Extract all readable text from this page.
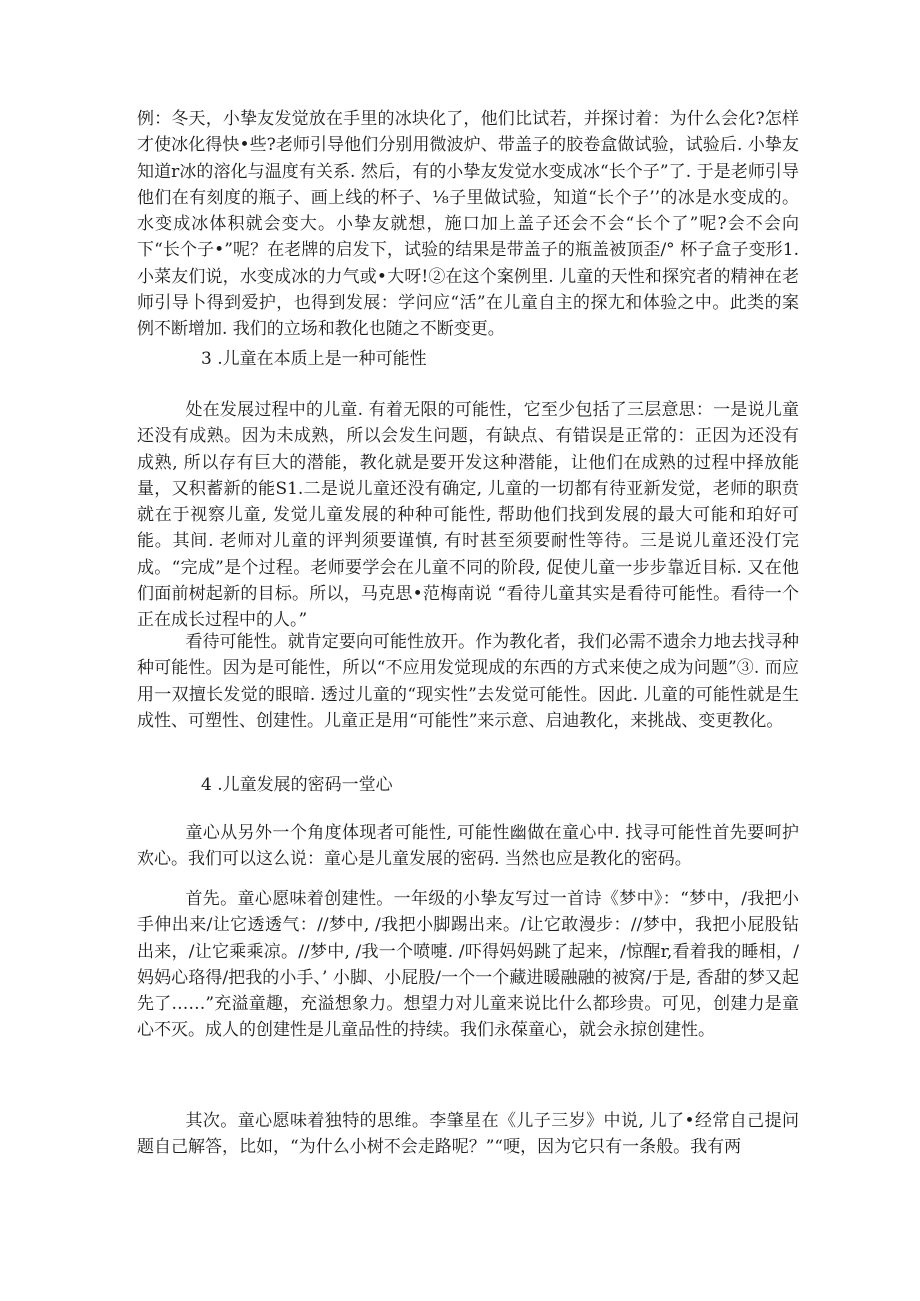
例：冬天，小挚友发觉放在手里的冰块化了，他们比试若，并探讨着：为什么会化?怎样才使冰化得快•些?老师引导他们分别用微波炉、带盖子的胶卷盒做试验，试验后. 小挚友知道r冰的溶化与温度有关系. 然后，有的小挚友发觉水变成冰“长个子”了. 于是老师引导他们在有刻度的瓶子、画上线的杯子、⅛子里做试验，知道“长个子’’的冰是水变成的。水变成冰体积就会变大。小挚友就想，施口加上盖子还会不会“长个了”呢?会不会向下“长个子•”呢？在老牌的启发下，试验的结果是带盖子的瓶盖被顶歪/° 杯子盒子变形1.小菜友们说，水变成冰的力气或•大呀!②在这个案例里. 儿童的天性和探究者的精神在老师引导卜得到爱护，也得到发展：学问应“活”在儿童自主的探尢和体验之中。此类的案例不断增加. 我们的立场和教化也随之不断变更。

3 .儿童在本质上是一种可能性

处在发展过程中的儿童. 有着无限的可能性，它至少包括了三层意思：一是说儿童还没有成熟。因为未成熟，所以会发生问题，有缺点、有错误是正常的：正因为还没有成熟, 所以存有巨大的潜能，教化就是要开发这种潜能，让他们在成熟的过程中择放能量，又积蓄新的能S1.二是说儿童还没有确定, 儿童的一切都有待亚新发觉，老师的职贲就在于视察儿童, 发觉儿童发展的种种可能性, 帮助他们找到发展的最大可能和珀好可能。其间. 老师对儿童的评判须要谨慎, 有时甚至须要耐性等待。三是说儿童还没仃完成。“完成”是个过程。老师要学会在儿童不同的阶段, 促使儿童一步步靠近目标. 又在他们面前树起新的目标。所以，马克思•范梅南说 “看待儿童其实是看待可能性。看待一个正在成长过程中的人。”

看待可能性。就肯定要向可能性放开。作为教化者，我们必需不遗余力地去找寻种种可能性。因为是可能性，所以“不应用发觉现成的东西的方式来使之成为问题”③. 而应用一双擅长发觉的眼暗. 透过儿童的“现实性”去发觉可能性。因此. 儿童的可能性就是生成性、可塑性、创建性。儿童正是用“可能性”来示意、启迪教化，来挑战、变更教化。

4 .儿童发展的密码一堂心

童心从另外一个角度体现者可能性, 可能性幽做在童心中. 找寻可能性首先要呵护欢心。我们可以这么说：童心是儿童发展的密码. 当然也应是教化的密码。

首先。童心愿味着创建性。一年级的小挚友写过一首诗《梦中》：“梦中，/我把小手伸出来/让它透透气：//梦中, /我把小脚踢出来。/让它敢漫步：//梦中，我把小屁股钻出来，/让它乘乘凉。//梦中, /我一个喷嚏. /吓得妈妈跳了起来，/惊醒r,看着我的睡相，/妈妈心珞得/把我的小手、’ 小脚、小屁股/一个一个藏进暖融融的被窝/于是, 香甜的梦又起先了……”充溢童趣，充溢想象力。想望力对儿童来说比什么都珍贵。可见，创建力是童心不灭。成人的创建性是儿童品性的持续。我们永葆童心，就会永掠创建性。

其次。童心愿味着独特的思维。李肇星在《儿子三岁》中说, 儿了•经常自己提问题自己解答，比如，“为什么小树不会走路呢？”“哽，因为它只有一条般。我有两
